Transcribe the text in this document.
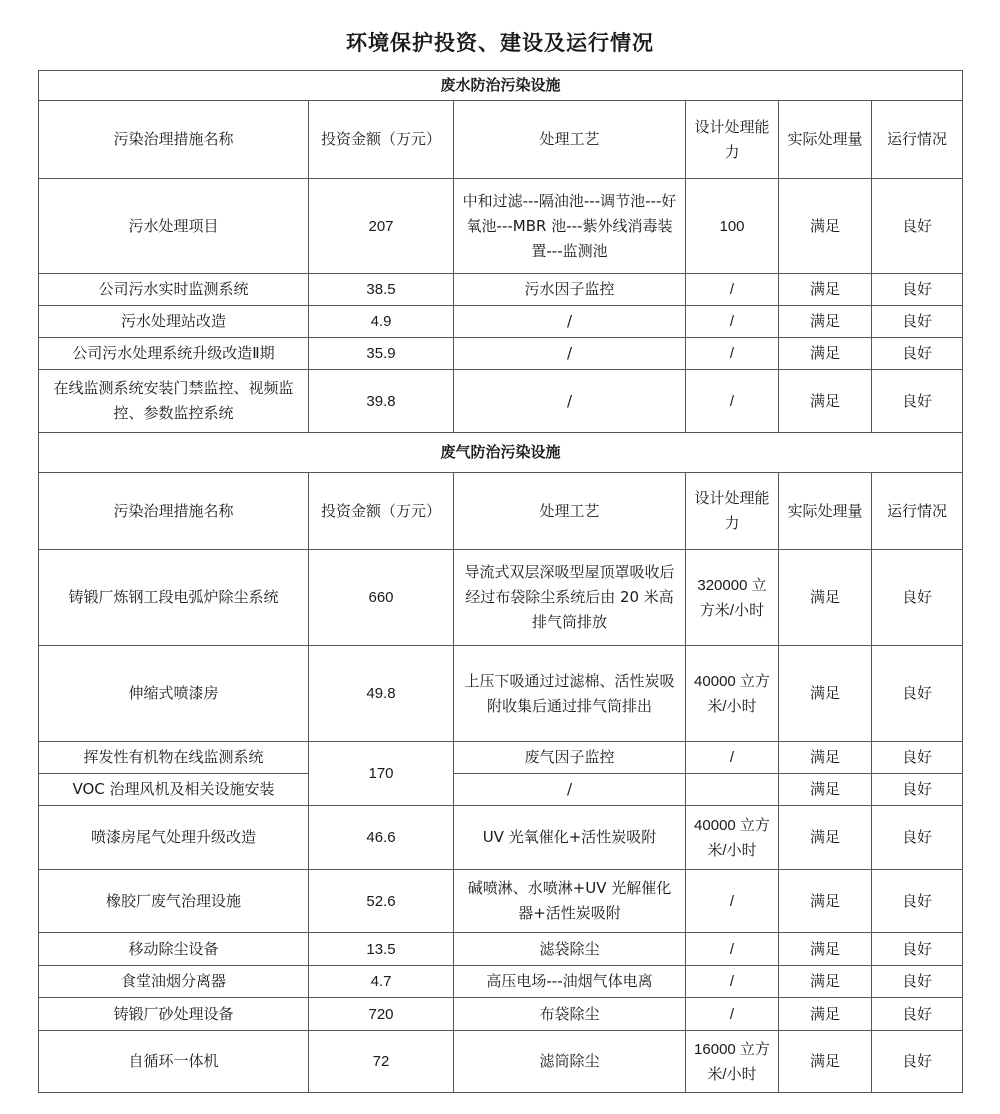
环境保护投资、建设及运行情况
废水防治污染设施					
污染治理措施名称	投资金额（万元）	处理工艺	设计处理能力	实际处理量	运行情况
污水处理项目	207	中和过滤---隔油池---调节池---好氧池---MBR 池---紫外线消毒装置---监测池	100	满足	良好
公司污水实时监测系统	38.5	污水因子监控	/	满足	良好
污水处理站改造	4.9	/	/	满足	良好
公司污水处理系统升级改造Ⅱ期	35.9	/	/	满足	良好
在线监测系统安装门禁监控、视频监控、参数监控系统	39.8	/	/	满足	良好
废气防治污染设施					
污染治理措施名称	投资金额（万元）	处理工艺	设计处理能力	实际处理量	运行情况
铸锻厂炼钢工段电弧炉除尘系统	660	导流式双层深吸型屋顶罩吸收后经过布袋除尘系统后由 20 米高排气筒排放	320000 立方米/小时	满足	良好
伸缩式喷漆房	49.8	上压下吸通过过滤棉、活性炭吸附收集后通过排气筒排出	40000 立方米/小时	满足	良好
挥发性有机物在线监测系统	170	废气因子监控	/	满足	良好
VOC 治理风机及相关设施安装		/		满足	良好
喷漆房尾气处理升级改造	46.6	UV 光氧催化+活性炭吸附	40000 立方米/小时	满足	良好
橡胶厂废气治理设施	52.6	碱喷淋、水喷淋+UV 光解催化器+活性炭吸附	/	满足	良好
移动除尘设备	13.5	滤袋除尘	/	满足	良好
食堂油烟分离器	4.7	高压电场---油烟气体电离	/	满足	良好
铸锻厂砂处理设备	720	布袋除尘	/	满足	良好
自循环一体机	72	滤筒除尘	16000 立方米/小时	满足	良好
